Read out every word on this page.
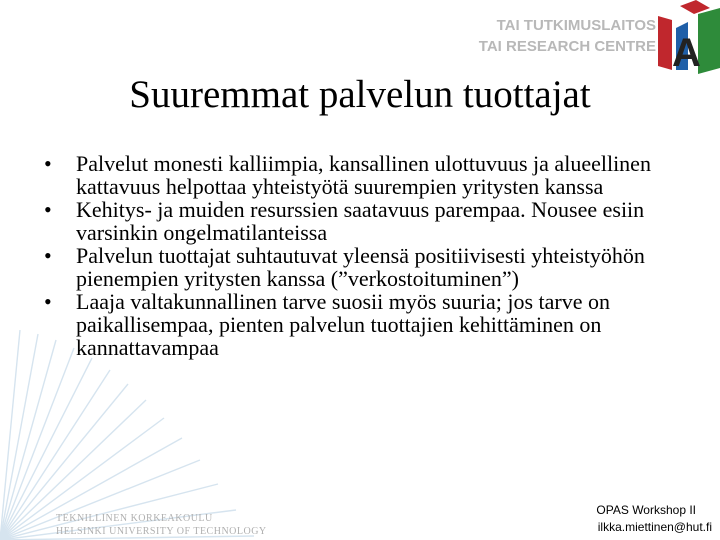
TAI TUTKIMUSLAITOS
TAI RESEARCH CENTRE A
Suuremmat palvelun tuottajat
• Palvelut monesti kalliimpia, kansallinen ulottuvuus ja alueellinen kattavuus helpottaa yhteistyötä suurempien yritysten kanssa
• Kehitys- ja muiden resurssien saatavuus parempaa. Nousee esiin varsinkin ongelmatilanteissa
• Palvelun tuottajat suhtautuvat yleensä positiivisesti yhteistyöhön pienempien yritysten kanssa (”verkostoituminen”)
• Laaja valtakunnallinen tarve suosii myös suuria; jos tarve on paikallisempaa, pienten palvelun tuottajien kehittäminen on kannattavampaa
TEKNILLINEN KORKEAKOULU
HELSINKI UNIVERSITY OF TECHNOLOGY
OPAS Workshop II
ilkka.miettinen@hut.fi
